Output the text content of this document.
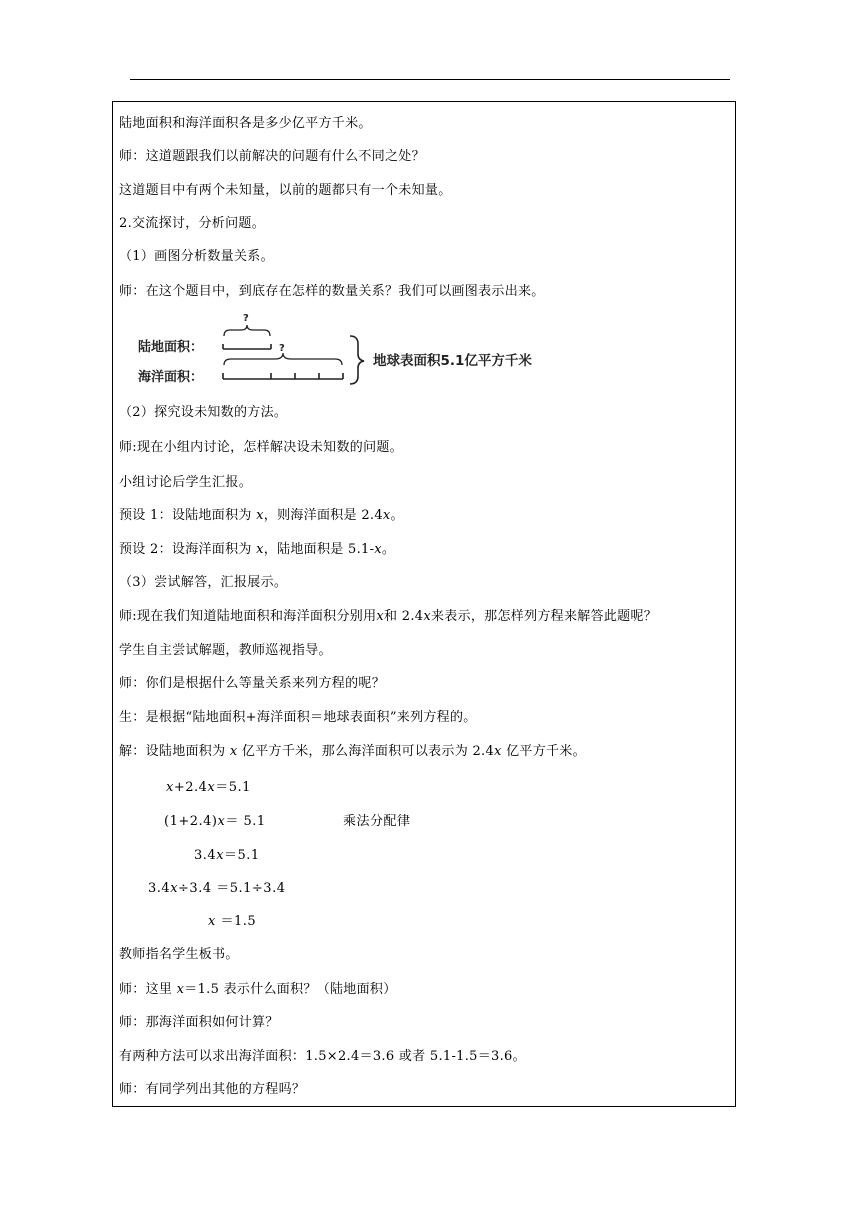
陆地面积和海洋面积各是多少亿平方千米。
师：这道题跟我们以前解决的问题有什么不同之处？
这道题目中有两个未知量，以前的题都只有一个未知量。
2.交流探讨，分析问题。
（1）画图分析数量关系。
师：在这个题目中，到底存在怎样的数量关系？我们可以画图表示出来。
陆地面积：
海洋面积：
?
?
地球表面积5.1亿平方千米
（2）探究设未知数的方法。
师:现在小组内讨论，怎样解决设未知数的问题。
小组讨论后学生汇报。
预设 1：设陆地面积为 x，则海洋面积是 2.4x。
预设 2：设海洋面积为 x，陆地面积是 5.1-x。
（3）尝试解答，汇报展示。
师:现在我们知道陆地面积和海洋面积分别用x和 2.4x来表示，那怎样列方程来解答此题呢？
学生自主尝试解题，教师巡视指导。
师：你们是根据什么等量关系来列方程的呢？
生：是根据“陆地面积+海洋面积＝地球表面积”来列方程的。
解：设陆地面积为 x 亿平方千米，那么海洋面积可以表示为 2.4x 亿平方千米。
x+2.4x＝5.1
(1+2.4)x＝ 5.1	乘法分配律
3.4x＝5.1
3.4x÷3.4 ＝5.1÷3.4
x ＝1.5
教师指名学生板书。
师：这里 x＝1.5 表示什么面积？（陆地面积）
师：那海洋面积如何计算？
有两种方法可以求出海洋面积：1.5×2.4＝3.6 或者 5.1-1.5＝3.6。
师：有同学列出其他的方程吗？
